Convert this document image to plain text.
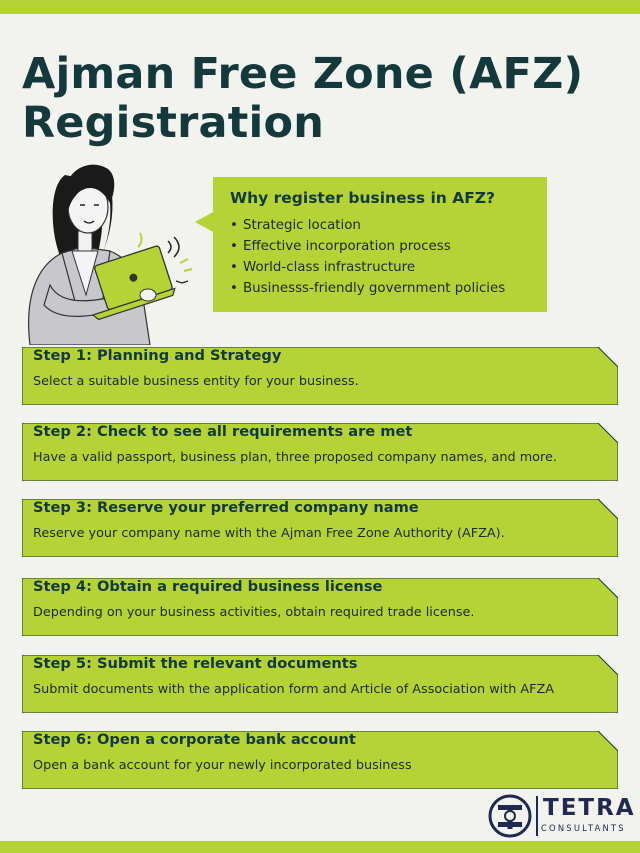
Ajman Free Zone (AFZ)
Registration
Why register business in AFZ?
• Strategic location
• Effective incorporation process
• World-class infrastructure
• Businesss-friendly government policies
Step 1: Planning and Strategy
Select a suitable business entity for your business.
Step 2: Check to see all requirements are met
Have a valid passport, business plan, three proposed company names, and more.
Step 3: Reserve your preferred company name
Reserve your company name with the Ajman Free Zone Authority (AFZA).
Step 4: Obtain a required business license
Depending on your business activities, obtain required trade license.
Step 5: Submit the relevant documents
Submit documents with the application form and Article of Association with AFZA
Step 6: Open a corporate bank account
Open a bank account for your newly incorporated business
TETRA
CONSULTANTS
